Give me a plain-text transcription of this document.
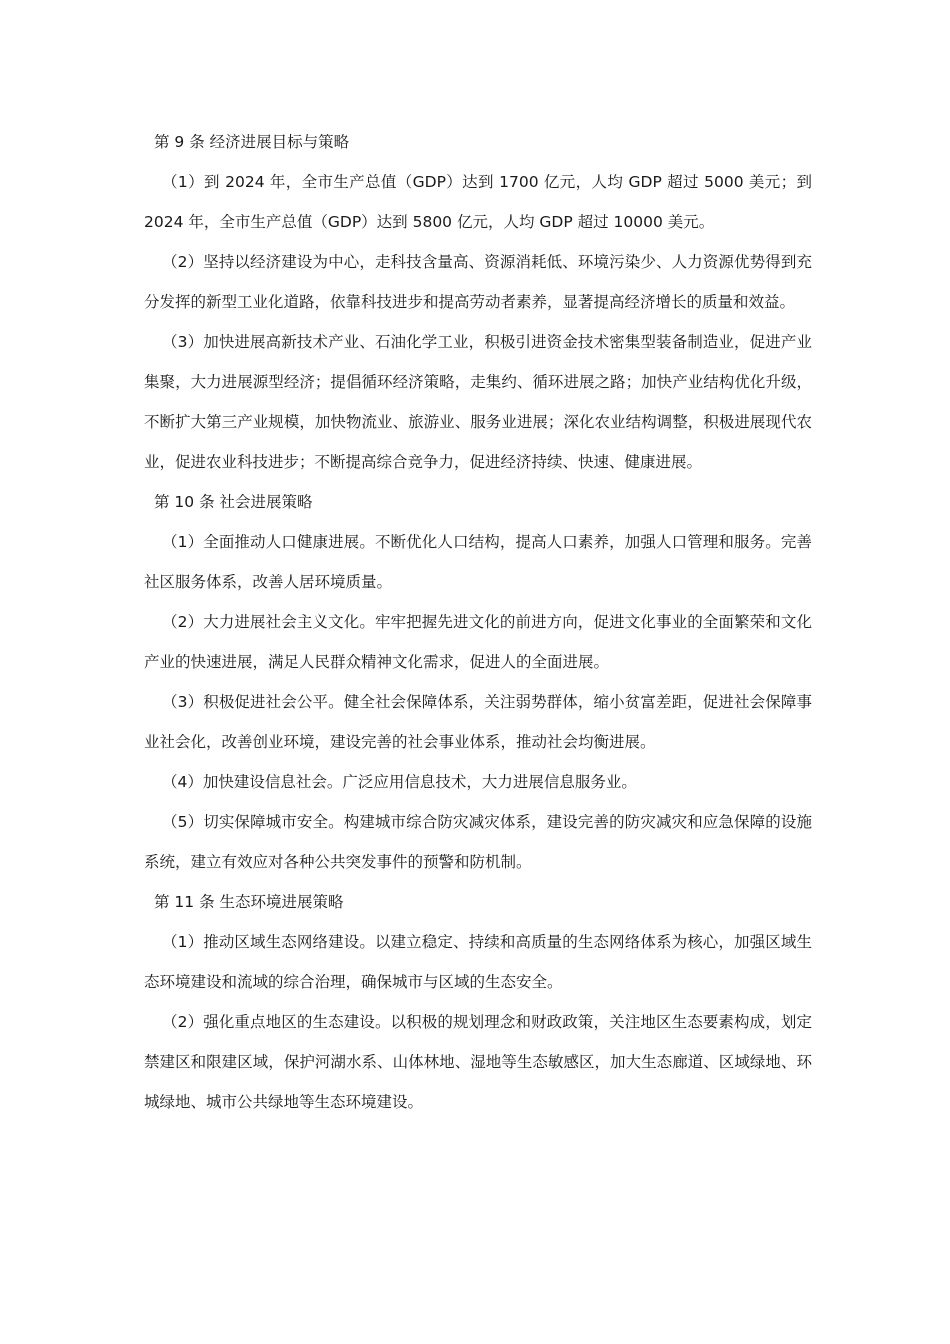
第 9 条 经济进展目标与策略

（1）到 2024 年，全市生产总值（GDP）达到 1700 亿元，人均 GDP 超过 5000 美元；到 2024 年，全市生产总值（GDP）达到 5800 亿元，人均 GDP 超过 10000 美元。

（2）坚持以经济建设为中心，走科技含量高、资源消耗低、环境污染少、人力资源优势得到充分发挥的新型工业化道路，依靠科技进步和提高劳动者素养，显著提高经济增长的质量和效益。

（3）加快进展高新技术产业、石油化学工业，积极引进资金技术密集型装备制造业，促进产业集聚，大力进展源型经济；提倡循环经济策略，走集约、循环进展之路；加快产业结构优化升级，不断扩大第三产业规模，加快物流业、旅游业、服务业进展；深化农业结构调整，积极进展现代农业，促进农业科技进步；不断提高综合竞争力，促进经济持续、快速、健康进展。

第 10 条 社会进展策略

（1）全面推动人口健康进展。不断优化人口结构，提高人口素养，加强人口管理和服务。完善社区服务体系，改善人居环境质量。

（2）大力进展社会主义文化。牢牢把握先进文化的前进方向，促进文化事业的全面繁荣和文化产业的快速进展，满足人民群众精神文化需求，促进人的全面进展。

（3）积极促进社会公平。健全社会保障体系，关注弱势群体，缩小贫富差距，促进社会保障事业社会化，改善创业环境，建设完善的社会事业体系，推动社会均衡进展。

（4）加快建设信息社会。广泛应用信息技术，大力进展信息服务业。

（5）切实保障城市安全。构建城市综合防灾减灾体系，建设完善的防灾减灾和应急保障的设施系统，建立有效应对各种公共突发事件的预警和防机制。

第 11 条 生态环境进展策略

（1）推动区域生态网络建设。以建立稳定、持续和高质量的生态网络体系为核心，加强区域生态环境建设和流域的综合治理，确保城市与区域的生态安全。

（2）强化重点地区的生态建设。以积极的规划理念和财政政策，关注地区生态要素构成，划定禁建区和限建区域，保护河湖水系、山体林地、湿地等生态敏感区，加大生态廊道、区域绿地、环城绿地、城市公共绿地等生态环境建设。
